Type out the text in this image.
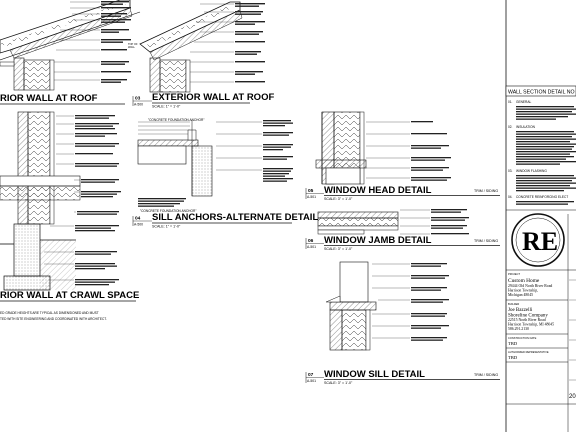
RIOR WALL AT ROOF
TOP OF
WALL
03
A-500
EXTERIOR WALL AT ROOF
SCALE: 1" = 1'-0"
"CONCRETE FOUNDATION ANCHOR"
"CONCRETE FOUNDATION ANCHOR"
04
A-500
SILL ANCHORS-ALTERNATE DETAIL
SCALE: 1" = 1'-0"
RIOR WALL AT CRAWL SPACE
ED GRADE HEIGHTS ARE TYPICAL AS DIMENSIONED AND MUST
TED WITH SITE ENGINEERING AND COORDINATED WITH ARCHITECT.
05
A-501
WINDOW HEAD DETAIL
SCALE: 3" = 1'-0"
TRIM / SIDING
06
A-501
WINDOW JAMB DETAIL
SCALE: 3" = 1'-0"
TRIM / SIDING
07
A-501
WINDOW SILL DETAIL
SCALE: 3" = 1'-0"
TRIM / SIDING
WALL SECTION DETAIL NO
01. GENERAL
02. INSULATION
03. WINDOW FLASHING
04. CONCRETE REINFORCING ELECT
RE
PROJECT
Custom Home
29444 Old North River Road
Harrison Township,
Michigan 48045
BUILDER
Joe Bazzelli
Shoreline Company
22515 North River Road
Harrison Township, MI 48045
586.291.2130
CONSTRUCTION DATE
TBD
AUTHORIZED REPRESENTATIVE
TBD
20
